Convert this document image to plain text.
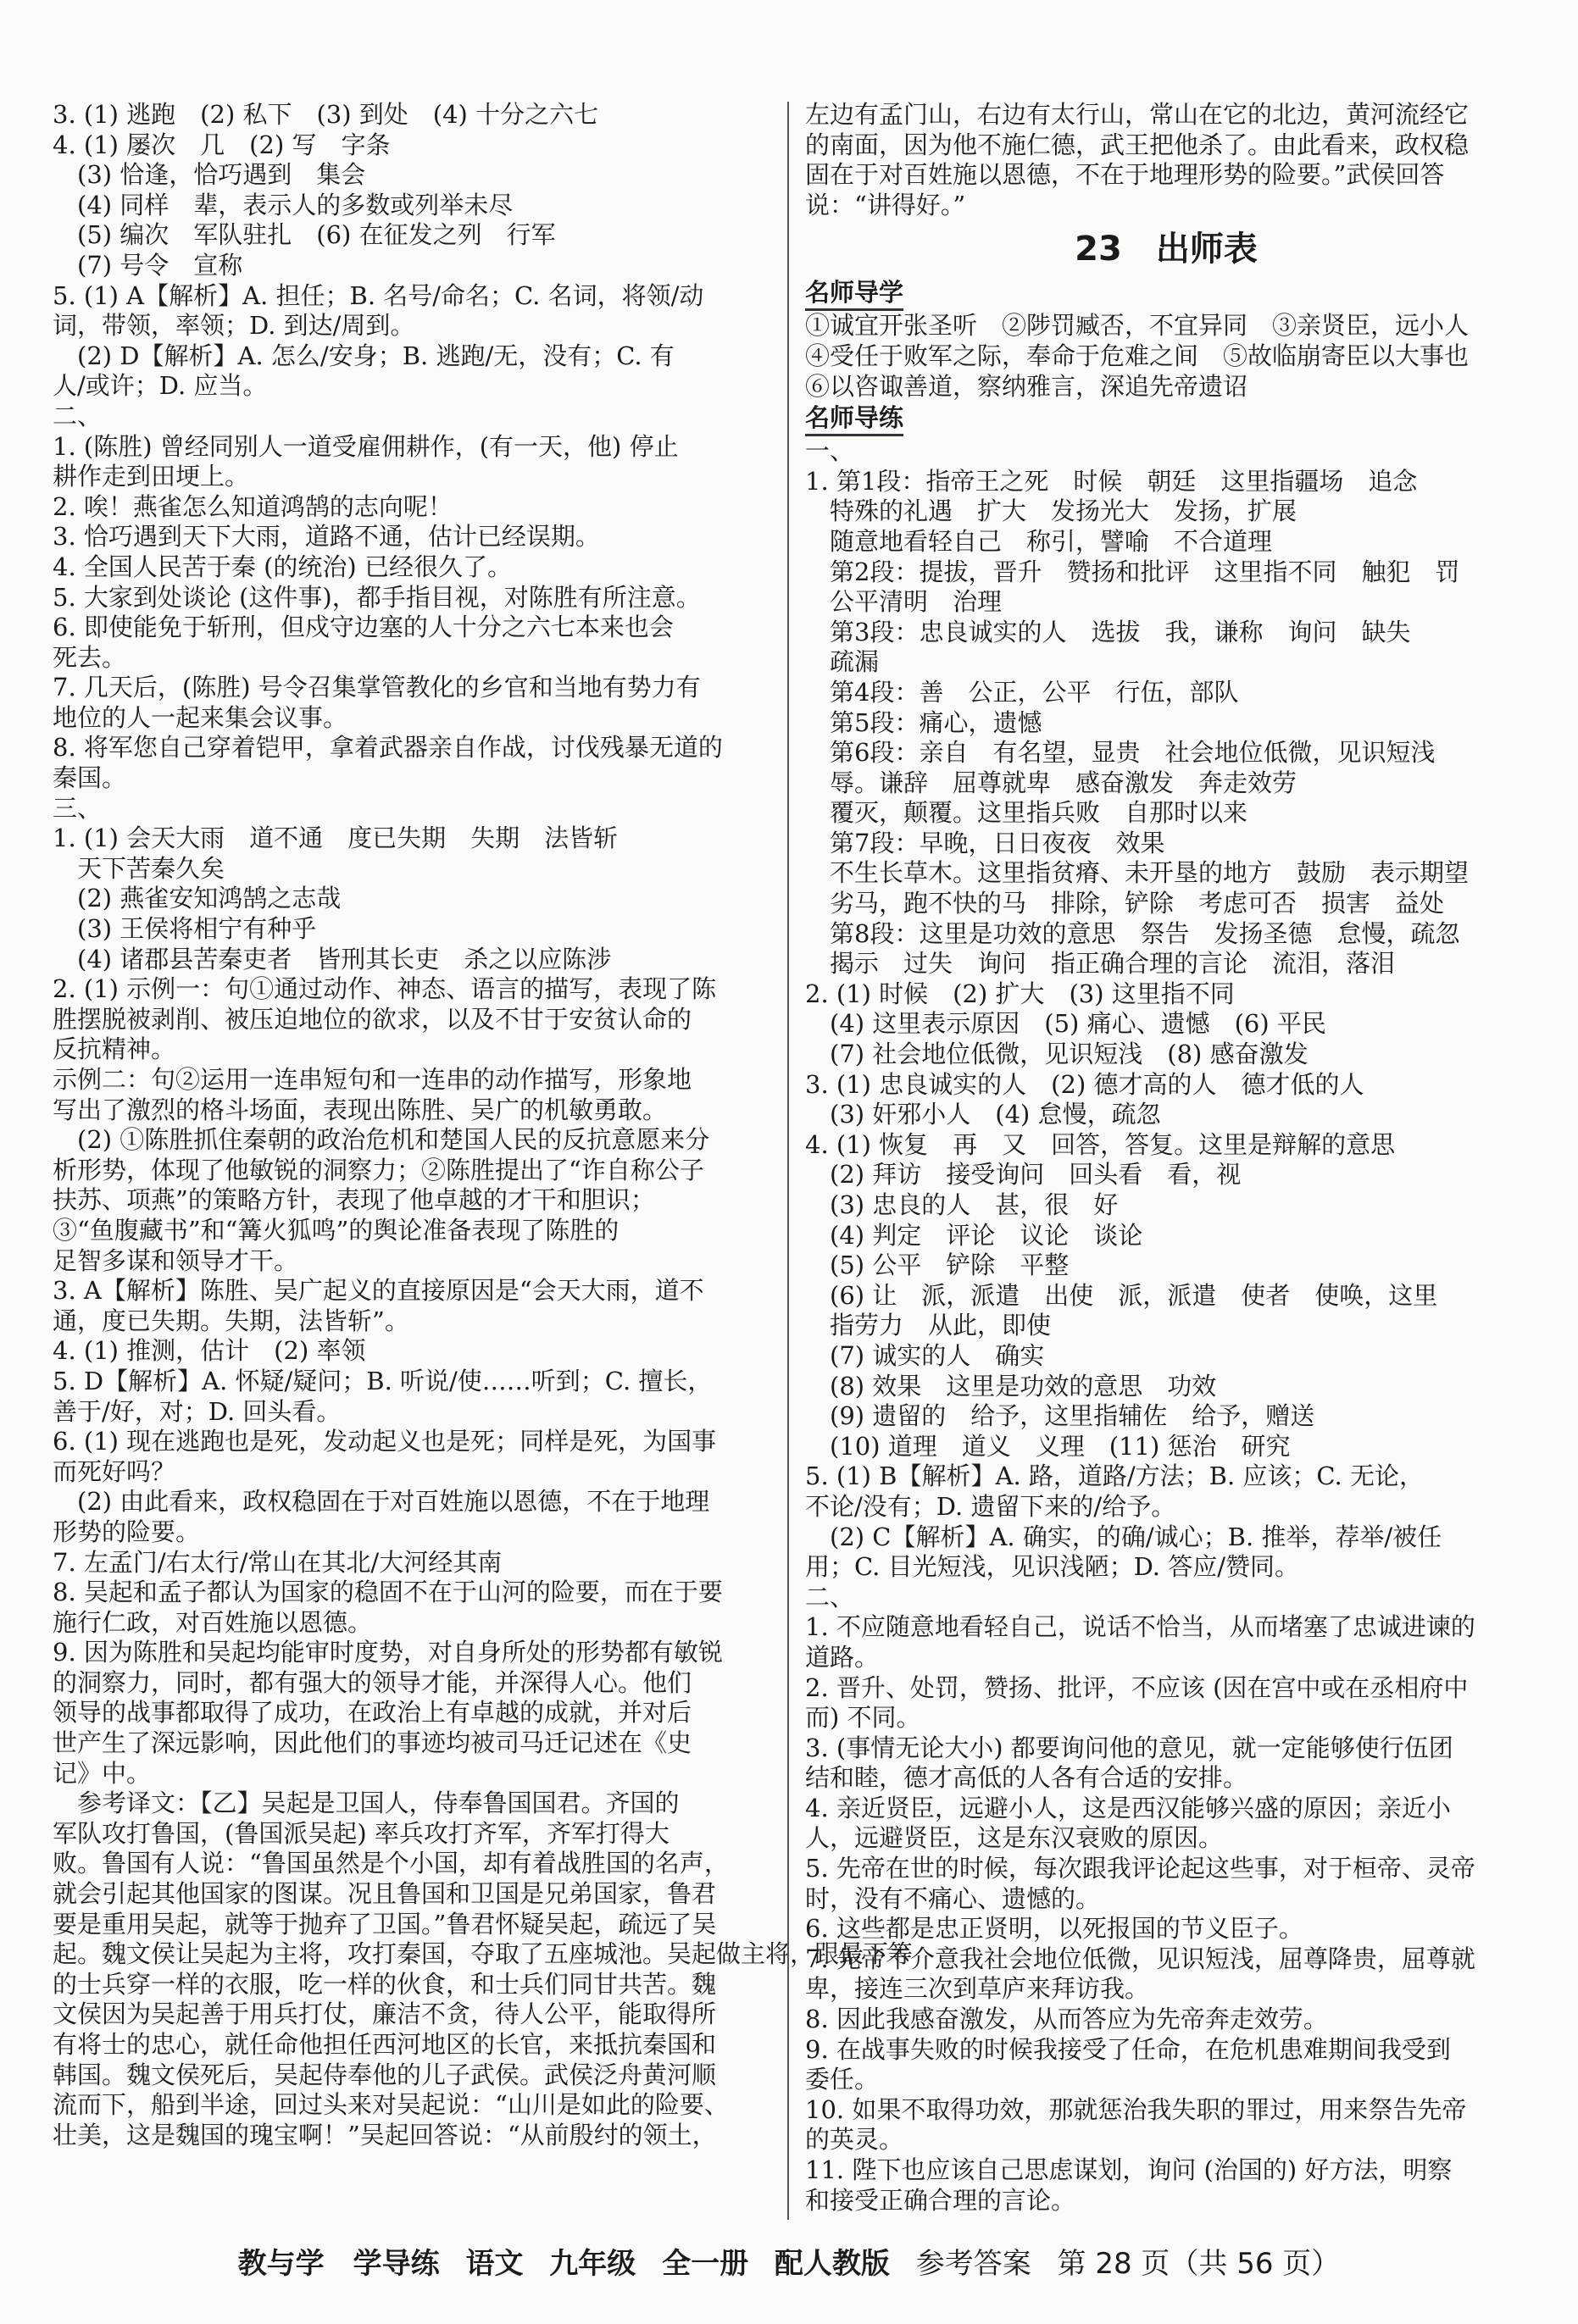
3. (1) 逃跑　(2) 私下　(3) 到处　(4) 十分之六七
4. (1) 屡次　几　(2) 写　字条
　(3) 恰逢，恰巧遇到　集会
　(4) 同样　辈，表示人的多数或列举未尽
　(5) 编次　军队驻扎　(6) 在征发之列　行军
　(7) 号令　宣称
5. (1) A【解析】A. 担任；B. 名号/命名；C. 名词，将领/动
词，带领，率领；D. 到达/周到。
　(2) D【解析】A. 怎么/安身；B. 逃跑/无，没有；C. 有
人/或许；D. 应当。
二、
1. (陈胜) 曾经同别人一道受雇佣耕作，(有一天，他) 停止
耕作走到田埂上。
2. 唉！燕雀怎么知道鸿鹄的志向呢！
3. 恰巧遇到天下大雨，道路不通，估计已经误期。
4. 全国人民苦于秦 (的统治) 已经很久了。
5. 大家到处谈论 (这件事)，都手指目视，对陈胜有所注意。
6. 即使能免于斩刑，但戍守边塞的人十分之六七本来也会
死去。
7. 几天后，(陈胜) 号令召集掌管教化的乡官和当地有势力有
地位的人一起来集会议事。
8. 将军您自己穿着铠甲，拿着武器亲自作战，讨伐残暴无道的
秦国。
三、
1. (1) 会天大雨　道不通　度已失期　失期　法皆斩
　天下苦秦久矣
　(2) 燕雀安知鸿鹄之志哉
　(3) 王侯将相宁有种乎
　(4) 诸郡县苦秦吏者　皆刑其长吏　杀之以应陈涉
2. (1) 示例一：句①通过动作、神态、语言的描写，表现了陈
胜摆脱被剥削、被压迫地位的欲求，以及不甘于安贫认命的
反抗精神。
示例二：句②运用一连串短句和一连串的动作描写，形象地
写出了激烈的格斗场面，表现出陈胜、吴广的机敏勇敢。
　(2) ①陈胜抓住秦朝的政治危机和楚国人民的反抗意愿来分
析形势，体现了他敏锐的洞察力；②陈胜提出了“诈自称公子
扶苏、项燕”的策略方针，表现了他卓越的才干和胆识；
③“鱼腹藏书”和“篝火狐鸣”的舆论准备表现了陈胜的
足智多谋和领导才干。
3. A【解析】陈胜、吴广起义的直接原因是“会天大雨，道不
通，度已失期。失期，法皆斩”。
4. (1) 推测，估计　(2) 率领
5. D【解析】A. 怀疑/疑问；B. 听说/使……听到；C. 擅长，
善于/好，对；D. 回头看。
6. (1) 现在逃跑也是死，发动起义也是死；同样是死，为国事
而死好吗？
　(2) 由此看来，政权稳固在于对百姓施以恩德，不在于地理
形势的险要。
7. 左孟门/右太行/常山在其北/大河经其南
8. 吴起和孟子都认为国家的稳固不在于山河的险要，而在于要
施行仁政，对百姓施以恩德。
9. 因为陈胜和吴起均能审时度势，对自身所处的形势都有敏锐
的洞察力，同时，都有强大的领导才能，并深得人心。他们
领导的战事都取得了成功，在政治上有卓越的成就，并对后
世产生了深远影响，因此他们的事迹均被司马迁记述在《史
记》中。
　参考译文：【乙】吴起是卫国人，侍奉鲁国国君。齐国的
军队攻打鲁国，(鲁国派吴起) 率兵攻打齐军，齐军打得大
败。鲁国有人说：“鲁国虽然是个小国，却有着战胜国的名声，
就会引起其他国家的图谋。况且鲁国和卫国是兄弟国家，鲁君
要是重用吴起，就等于抛弃了卫国。”鲁君怀疑吴起，疏远了吴
起。魏文侯让吴起为主将，攻打秦国，夺取了五座城池。吴起做主将，跟最下等
的士兵穿一样的衣服，吃一样的伙食，和士兵们同甘共苦。魏
文侯因为吴起善于用兵打仗，廉洁不贪，待人公平，能取得所
有将士的忠心，就任命他担任西河地区的长官，来抵抗秦国和
韩国。魏文侯死后，吴起侍奉他的儿子武侯。武侯泛舟黄河顺
流而下，船到半途，回过头来对吴起说：“山川是如此的险要、
壮美，这是魏国的瑰宝啊！”吴起回答说：“从前殷纣的领土，
左边有孟门山，右边有太行山，常山在它的北边，黄河流经它
的南面，因为他不施仁德，武王把他杀了。由此看来，政权稳
固在于对百姓施以恩德，不在于地理形势的险要。”武侯回答
说：“讲得好。”
23　出师表
名师导学
①诚宜开张圣听　②陟罚臧否，不宜异同　③亲贤臣，远小人
④受任于败军之际，奉命于危难之间　⑤故临崩寄臣以大事也
⑥以咨诹善道，察纳雅言，深追先帝遗诏
名师导练
一、
1. 第1段：指帝王之死　时候　朝廷　这里指疆场　追念
　特殊的礼遇　扩大　发扬光大　发扬，扩展
　随意地看轻自己　称引，譬喻　不合道理
　第2段：提拔，晋升　赞扬和批评　这里指不同　触犯　罚
　公平清明　治理
　第3段：忠良诚实的人　选拔　我，谦称　询问　缺失
　疏漏
　第4段：善　公正，公平　行伍，部队
　第5段：痛心，遗憾
　第6段：亲自　有名望，显贵　社会地位低微，见识短浅
　辱。谦辞　屈尊就卑　感奋激发　奔走效劳
　覆灭，颠覆。这里指兵败　自那时以来
　第7段：早晚，日日夜夜　效果
　不生长草木。这里指贫瘠、未开垦的地方　鼓励　表示期望
　劣马，跑不快的马　排除，铲除　考虑可否　损害　益处
　第8段：这里是功效的意思　祭告　发扬圣德　怠慢，疏忽
　揭示　过失　询问　指正确合理的言论　流泪，落泪
2. (1) 时候　(2) 扩大　(3) 这里指不同
　(4) 这里表示原因　(5) 痛心、遗憾　(6) 平民
　(7) 社会地位低微，见识短浅　(8) 感奋激发
3. (1) 忠良诚实的人　(2) 德才高的人　德才低的人
　(3) 奸邪小人　(4) 怠慢，疏忽
4. (1) 恢复　再　又　回答，答复。这里是辩解的意思
　(2) 拜访　接受询问　回头看　看，视
　(3) 忠良的人　甚，很　好
　(4) 判定　评论　议论　谈论
　(5) 公平　铲除　平整
　(6) 让　派，派遣　出使　派，派遣　使者　使唤，这里
　指劳力　从此，即使
　(7) 诚实的人　确实
　(8) 效果　这里是功效的意思　功效
　(9) 遗留的　给予，这里指辅佐　给予，赠送
　(10) 道理　道义　义理　(11) 惩治　研究
5. (1) B【解析】A. 路，道路/方法；B. 应该；C. 无论，
不论/没有；D. 遗留下来的/给予。
　(2) C【解析】A. 确实，的确/诚心；B. 推举，荐举/被任
用；C. 目光短浅，见识浅陋；D. 答应/赞同。
二、
1. 不应随意地看轻自己，说话不恰当，从而堵塞了忠诚进谏的
道路。
2. 晋升、处罚，赞扬、批评，不应该 (因在宫中或在丞相府中
而) 不同。
3. (事情无论大小) 都要询问他的意见，就一定能够使行伍团
结和睦，德才高低的人各有合适的安排。
4. 亲近贤臣，远避小人，这是西汉能够兴盛的原因；亲近小
人，远避贤臣，这是东汉衰败的原因。
5. 先帝在世的时候，每次跟我评论起这些事，对于桓帝、灵帝
时，没有不痛心、遗憾的。
6. 这些都是忠正贤明，以死报国的节义臣子。
7. 先帝不介意我社会地位低微，见识短浅，屈尊降贵，屈尊就
卑，接连三次到草庐来拜访我。
8. 因此我感奋激发，从而答应为先帝奔走效劳。
9. 在战事失败的时候我接受了任命，在危机患难期间我受到
委任。
10. 如果不取得功效，那就惩治我失职的罪过，用来祭告先帝
的英灵。
11. 陛下也应该自己思虑谋划，询问 (治国的) 好方法，明察
和接受正确合理的言论。
教与学　学导练 语文 九年级 全一册 配人教版 参考答案 第 28 页（共 56 页）
